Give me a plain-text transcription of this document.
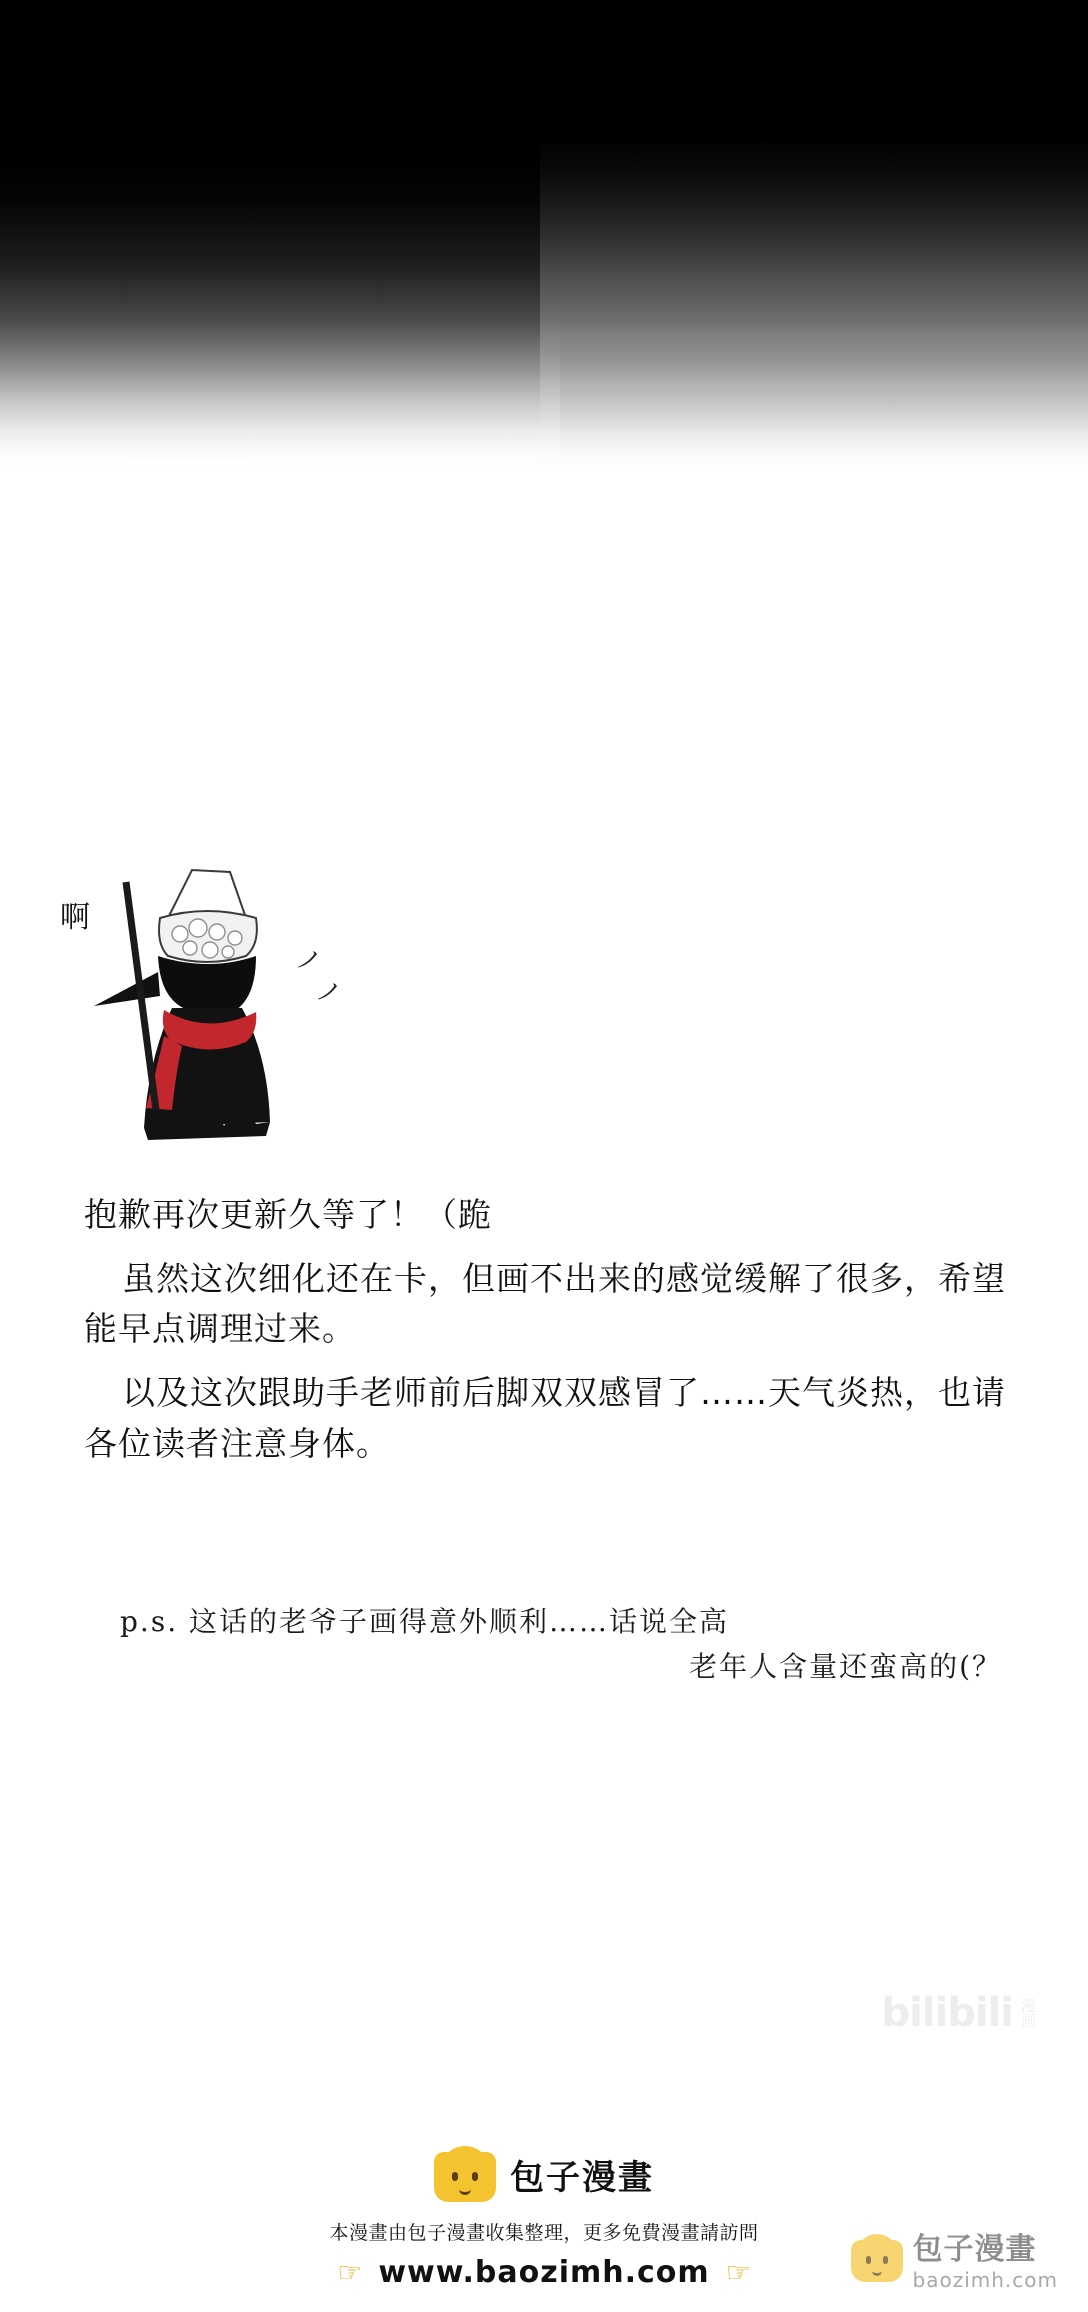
啊
ノ
ノ

抱歉再次更新久等了！（跪

虽然这次细化还在卡，但画不出来的感觉缓解了很多，希望能早点调理过来。

以及这次跟助手老师前后脚双双感冒了……天气炎热，也请各位读者注意身体。

p.s. 这话的老爷子画得意外顺利……话说全高
老年人含量还蛮高的(？
bilibili 漫
画
包子漫畫
本漫畫由包子漫畫收集整理，更多免費漫畫請訪問
☞ www.baozimh.com ☞
包子漫畫
baozimh.com
